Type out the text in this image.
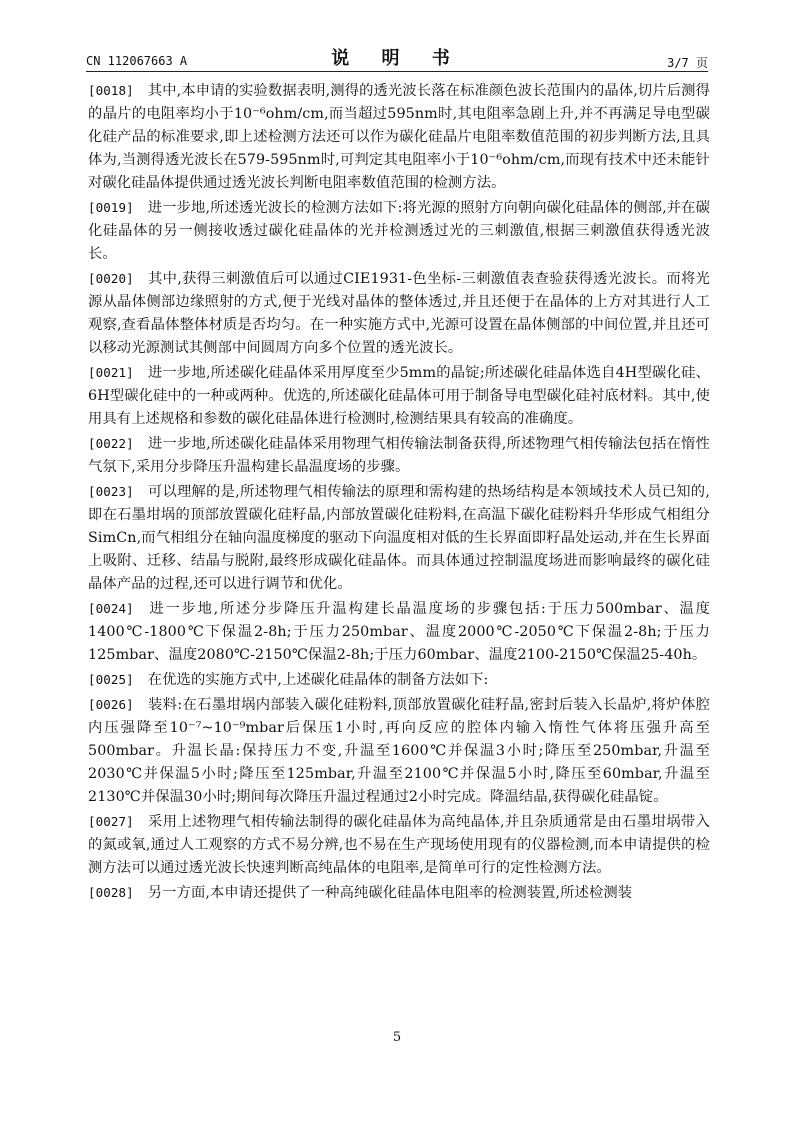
CN 112067663 A	说 明 书	3/7 页

[0018] 其中,本申请的实验数据表明,测得的透光波长落在标准颜色波长范围内的晶体,切片后测得的晶片的电阻率均小于10⁻⁶ohm/cm,而当超过595nm时,其电阻率急剧上升,并不再满足导电型碳化硅产品的标准要求,即上述检测方法还可以作为碳化硅晶片电阻率数值范围的初步判断方法,且具体为,当测得透光波长在579-595nm时,可判定其电阻率小于10⁻⁶ohm/cm,而现有技术中还未能针对碳化硅晶体提供通过透光波长判断电阻率数值范围的检测方法。

[0019] 进一步地,所述透光波长的检测方法如下:将光源的照射方向朝向碳化硅晶体的侧部,并在碳化硅晶体的另一侧接收透过碳化硅晶体的光并检测透过光的三刺激值,根据三刺激值获得透光波长。

[0020] 其中,获得三刺激值后可以通过CIE1931-色坐标-三刺激值表查验获得透光波长。而将光源从晶体侧部边缘照射的方式,便于光线对晶体的整体透过,并且还便于在晶体的上方对其进行人工观察,查看晶体整体材质是否均匀。在一种实施方式中,光源可设置在晶体侧部的中间位置,并且还可以移动光源测试其侧部中间圆周方向多个位置的透光波长。

[0021] 进一步地,所述碳化硅晶体采用厚度至少5mm的晶锭;所述碳化硅晶体选自4H型碳化硅、6H型碳化硅中的一种或两种。优选的,所述碳化硅晶体可用于制备导电型碳化硅衬底材料。其中,使用具有上述规格和参数的碳化硅晶体进行检测时,检测结果具有较高的准确度。

[0022] 进一步地,所述碳化硅晶体采用物理气相传输法制备获得,所述物理气相传输法包括在惰性气氛下,采用分步降压升温构建长晶温度场的步骤。

[0023] 可以理解的是,所述物理气相传输法的原理和需构建的热场结构是本领域技术人员已知的,即在石墨坩埚的顶部放置碳化硅籽晶,内部放置碳化硅粉料,在高温下碳化硅粉料升华形成气相组分SimCn,而气相组分在轴向温度梯度的驱动下向温度相对低的生长界面即籽晶处运动,并在生长界面上吸附、迁移、结晶与脱附,最终形成碳化硅晶体。而具体通过控制温度场进而影响最终的碳化硅晶体产品的过程,还可以进行调节和优化。

[0024] 进一步地,所述分步降压升温构建长晶温度场的步骤包括:于压力500mbar、温度1400℃-1800℃下保温2-8h;于压力250mbar、温度2000℃-2050℃下保温2-8h;于压力125mbar、温度2080℃-2150℃保温2-8h;于压力60mbar、温度2100-2150℃保温25-40h。

[0025] 在优选的实施方式中,上述碳化硅晶体的制备方法如下:

[0026] 装料:在石墨坩埚内部装入碳化硅粉料,顶部放置碳化硅籽晶,密封后装入长晶炉,将炉体腔内压强降至10⁻⁷~10⁻⁹mbar后保压1小时,再向反应的腔体内输入惰性气体将压强升高至500mbar。升温长晶:保持压力不变,升温至1600℃并保温3小时;降压至250mbar,升温至2030℃并保温5小时;降压至125mbar,升温至2100℃并保温5小时,降压至60mbar,升温至2130℃并保温30小时;期间每次降压升温过程通过2小时完成。降温结晶,获得碳化硅晶锭。

[0027] 采用上述物理气相传输法制得的碳化硅晶体为高纯晶体,并且杂质通常是由石墨坩埚带入的氮或氧,通过人工观察的方式不易分辨,也不易在生产现场使用现有的仪器检测,而本申请提供的检测方法可以通过透光波长快速判断高纯晶体的电阻率,是简单可行的定性检测方法。

[0028] 另一方面,本申请还提供了一种高纯碳化硅晶体电阻率的检测装置,所述检测装

5
